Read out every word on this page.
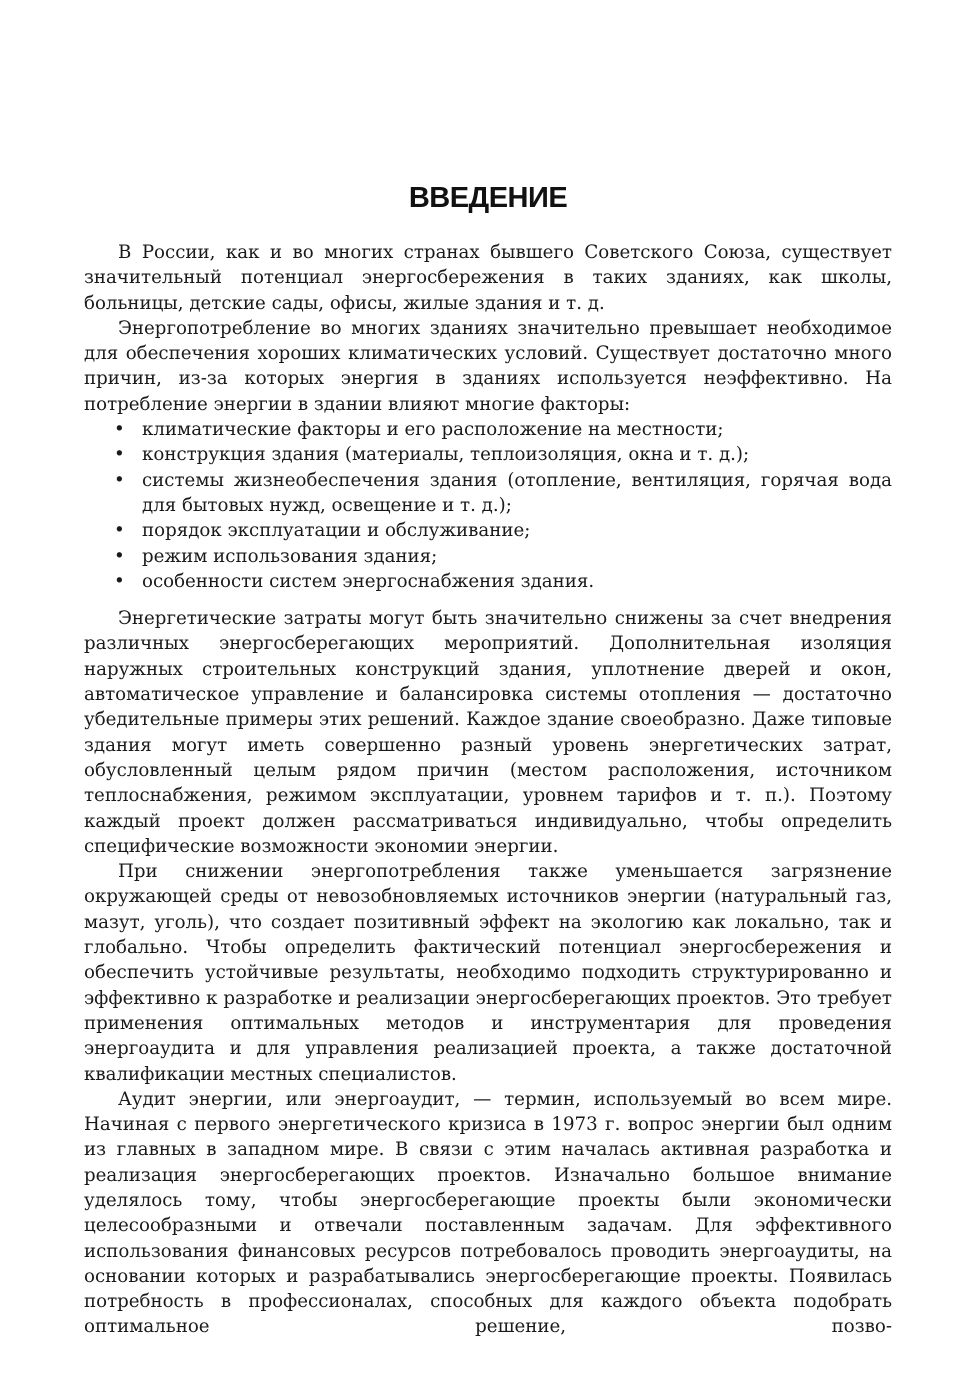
ВВЕДЕНИЕ

В России, как и во многих странах бывшего Советского Союза, существует значительный потенциал энергосбережения в таких зданиях, как школы, больницы, детские сады, офисы, жилые здания и т. д.

Энергопотребление во многих зданиях значительно превышает необходимое для обеспечения хороших климатических условий. Существует достаточно много причин, из-за которых энергия в зданиях используется неэффективно. На потребление энергии в здании влияют многие факторы:

• климатические факторы и его расположение на местности;
• конструкция здания (материалы, теплоизоляция, окна и т. д.);
• системы жизнеобеспечения здания (отопление, вентиляция, горячая вода для бытовых нужд, освещение и т. д.);
• порядок эксплуатации и обслуживание;
• режим использования здания;
• особенности систем энергоснабжения здания.

Энергетические затраты могут быть значительно снижены за счет внедрения различных энергосберегающих мероприятий. Дополнительная изоляция наружных строительных конструкций здания, уплотнение дверей и окон, автоматическое управление и балансировка системы отопления — достаточно убедительные примеры этих решений. Каждое здание своеобразно. Даже типовые здания могут иметь совершенно разный уровень энергетических затрат, обусловленный целым рядом причин (местом расположения, источником теплоснабжения, режимом эксплуатации, уровнем тарифов и т. п.). Поэтому каждый проект должен рассматриваться индивидуально, чтобы определить специфические возможности экономии энергии.

При снижении энергопотребления также уменьшается загрязнение окружающей среды от невозобновляемых источников энергии (натуральный газ, мазут, уголь), что создает позитивный эффект на экологию как локально, так и глобально. Чтобы определить фактический потенциал энергосбережения и обеспечить устойчивые результаты, необходимо подходить структурированно и эффективно к разработке и реализации энергосберегающих проектов. Это требует применения оптимальных методов и инструментария для проведения энергоаудита и для управления реализацией проекта, а также достаточной квалификации местных специалистов.

Аудит энергии, или энергоаудит, — термин, используемый во всем мире. Начиная с первого энергетического кризиса в 1973 г. вопрос энергии был одним из главных в западном мире. В связи с этим началась активная разработка и реализация энергосберегающих проектов. Изначально большое внимание уделялось тому, чтобы энергосберегающие проекты были экономически целесообразными и отвечали поставленным задачам. Для эффективного использования финансовых ресурсов потребовалось проводить энергоаудиты, на основании которых и разрабатывались энергосберегающие проекты. Появилась потребность в профессионалах, способных для каждого объекта подобрать оптимальное решение, позво-
